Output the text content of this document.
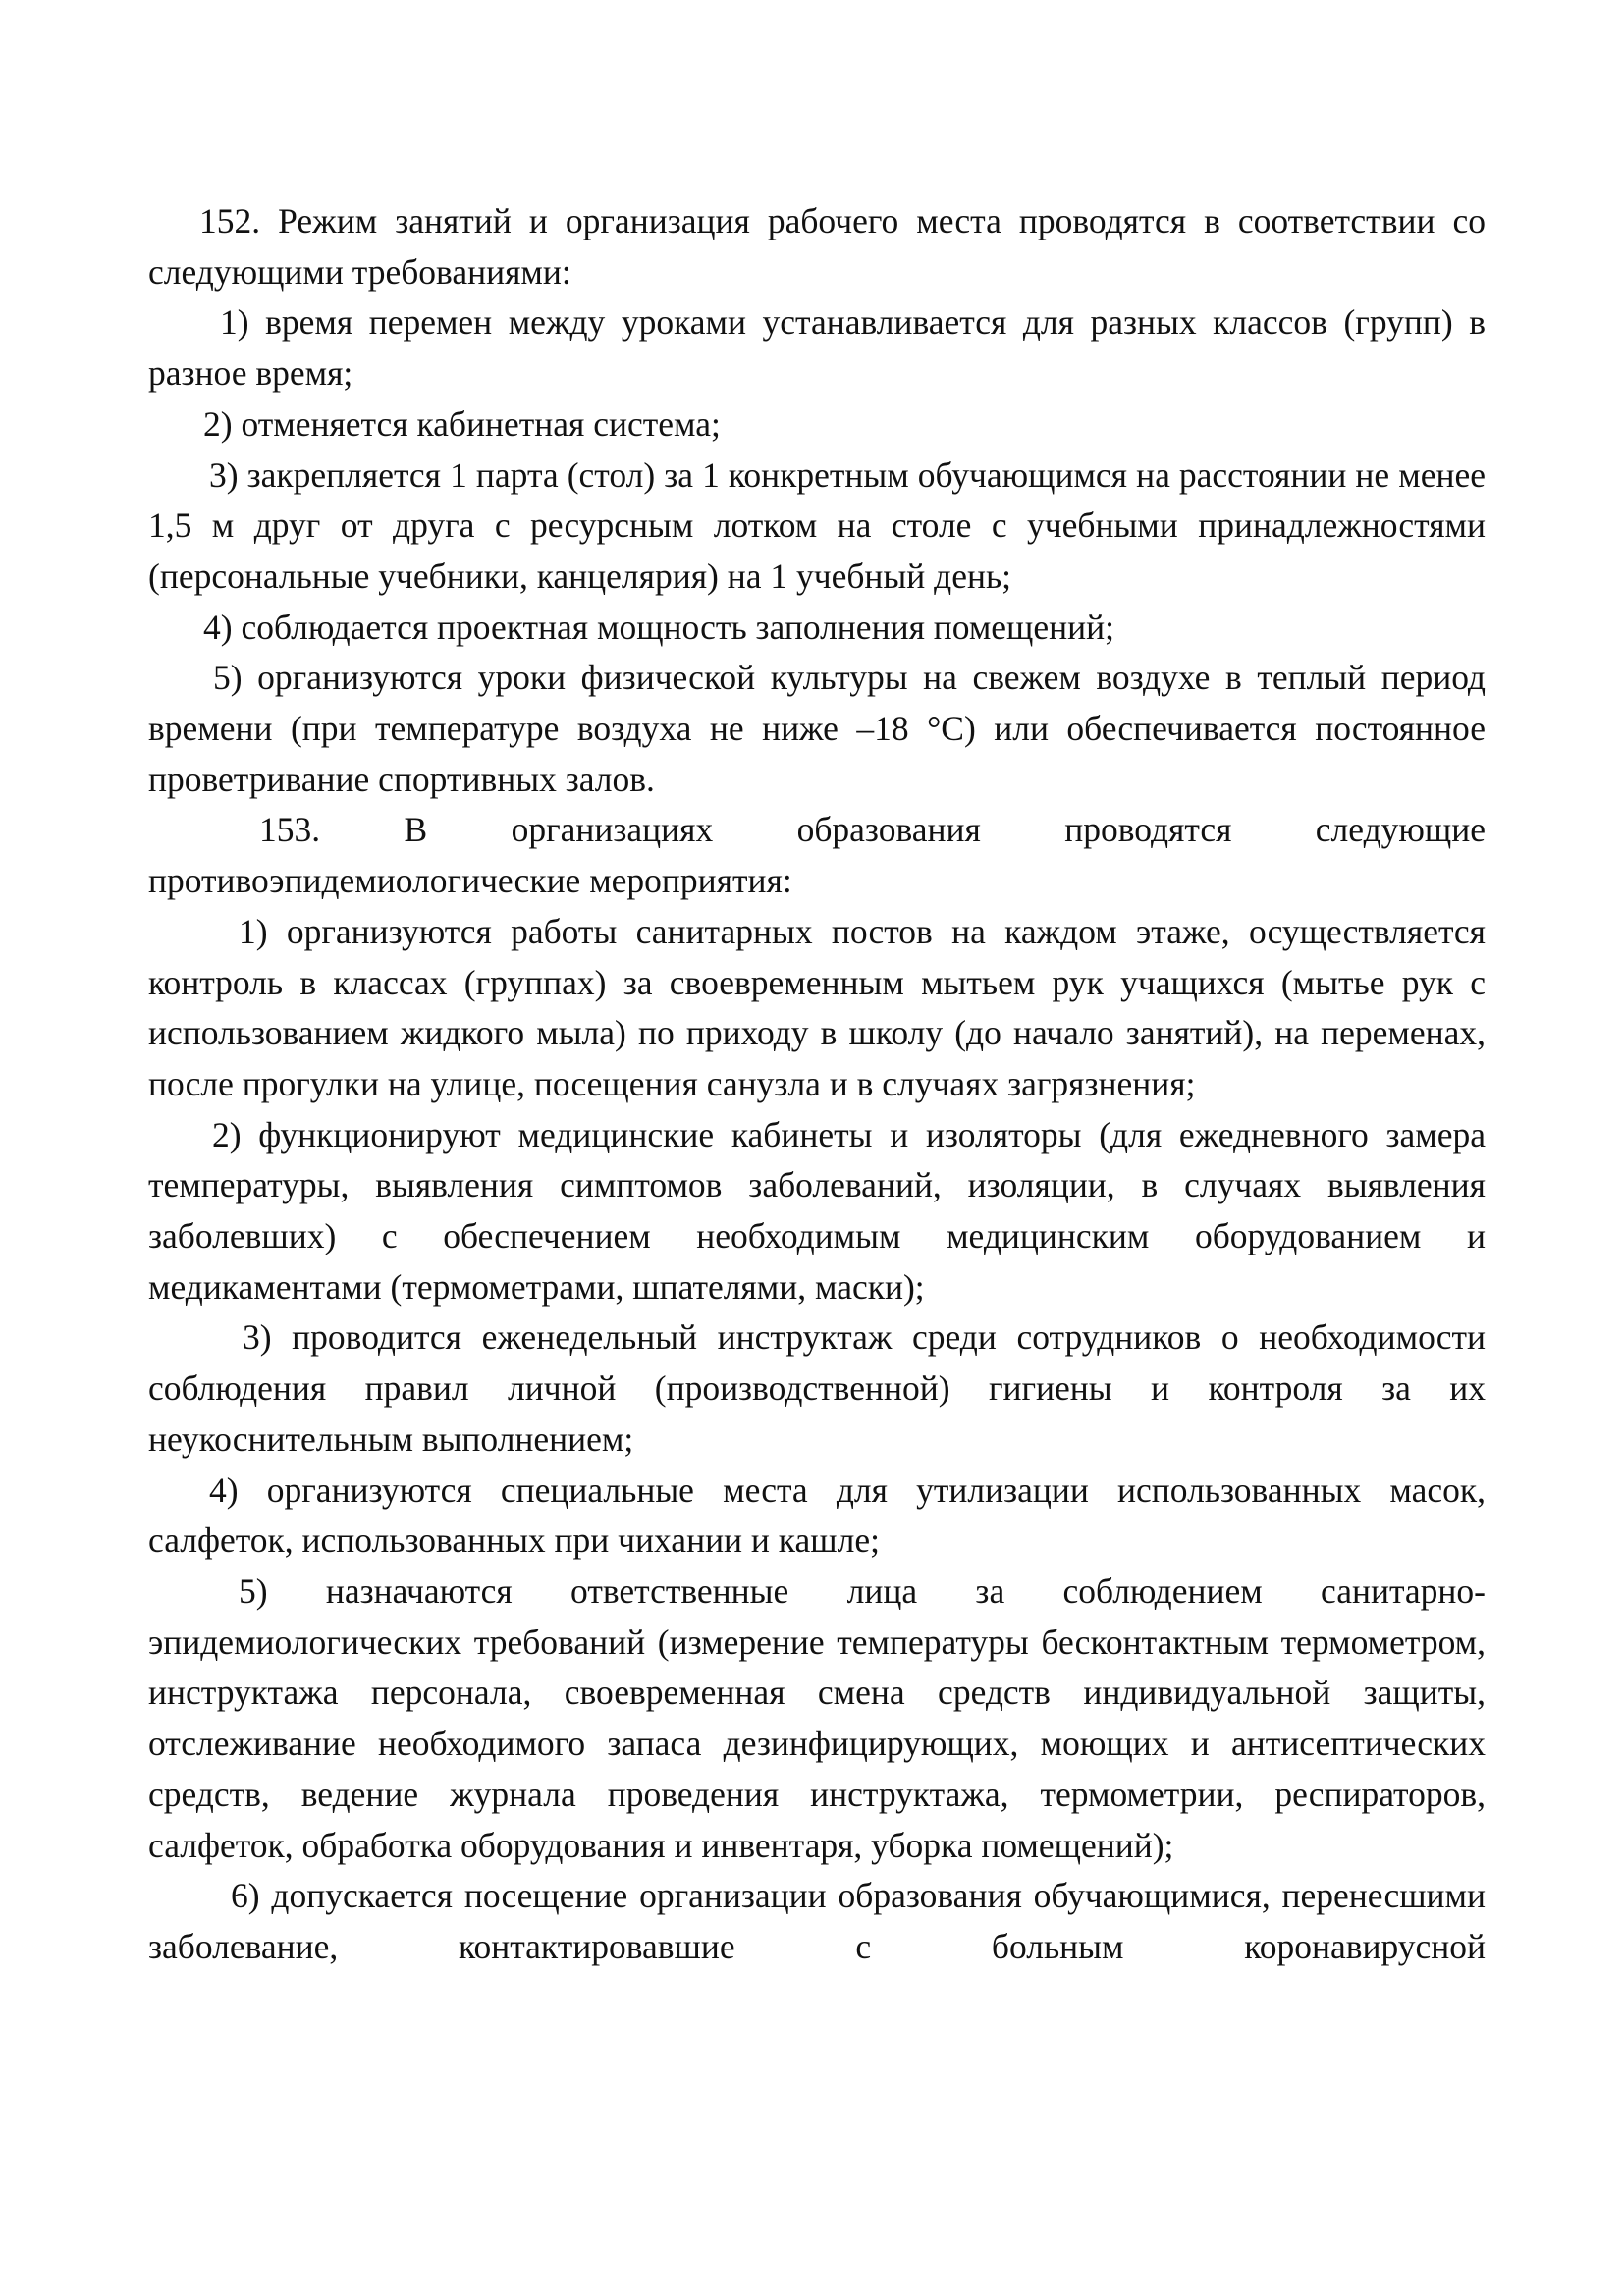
152. Режим занятий и организация рабочего места проводятся в соответствии со следующими требованиями:

1) время перемен между уроками устанавливается для разных классов (групп) в разное время;

2) отменяется кабинетная система;

3) закрепляется 1 парта (стол) за 1 конкретным обучающимся на расстоянии не менее 1,5 м друг от друга с ресурсным лотком на столе с учебными принадлежностями (персональные учебники, канцелярия) на 1 учебный день;

4) соблюдается проектная мощность заполнения помещений;

5) организуются уроки физической культуры на свежем воздухе в теплый период времени (при температуре воздуха не ниже –18 °C) или обеспечивается постоянное проветривание спортивных залов.

153. В организациях образования проводятся следующие противоэпидемиологические мероприятия:

1) организуются работы санитарных постов на каждом этаже, осуществляется контроль в классах (группах) за своевременным мытьем рук учащихся (мытье рук с использованием жидкого мыла) по приходу в школу (до начало занятий), на переменах, после прогулки на улице, посещения санузла и в случаях загрязнения;

2) функционируют медицинские кабинеты и изоляторы (для ежедневного замера температуры, выявления симптомов заболеваний, изоляции, в случаях выявления заболевших) с обеспечением необходимым медицинским оборудованием и медикаментами (термометрами, шпателями, маски);

3) проводится еженедельный инструктаж среди сотрудников о необходимости соблюдения правил личной (производственной) гигиены и контроля за их неукоснительным выполнением;

4) организуются специальные места для утилизации использованных масок, салфеток, использованных при чихании и кашле;

5) назначаются ответственные лица за соблюдением санитарно-эпидемиологических требований (измерение температуры бесконтактным термометром, инструктажа персонала, своевременная смена средств индивидуальной защиты, отслеживание необходимого запаса дезинфицирующих, моющих и антисептических средств, ведение журнала проведения инструктажа, термометрии, респираторов, салфеток, обработка оборудования и инвентаря, уборка помещений);

6) допускается посещение организации образования обучающимися, перенесшими заболевание, контактировавшие с больным коронавирусной
